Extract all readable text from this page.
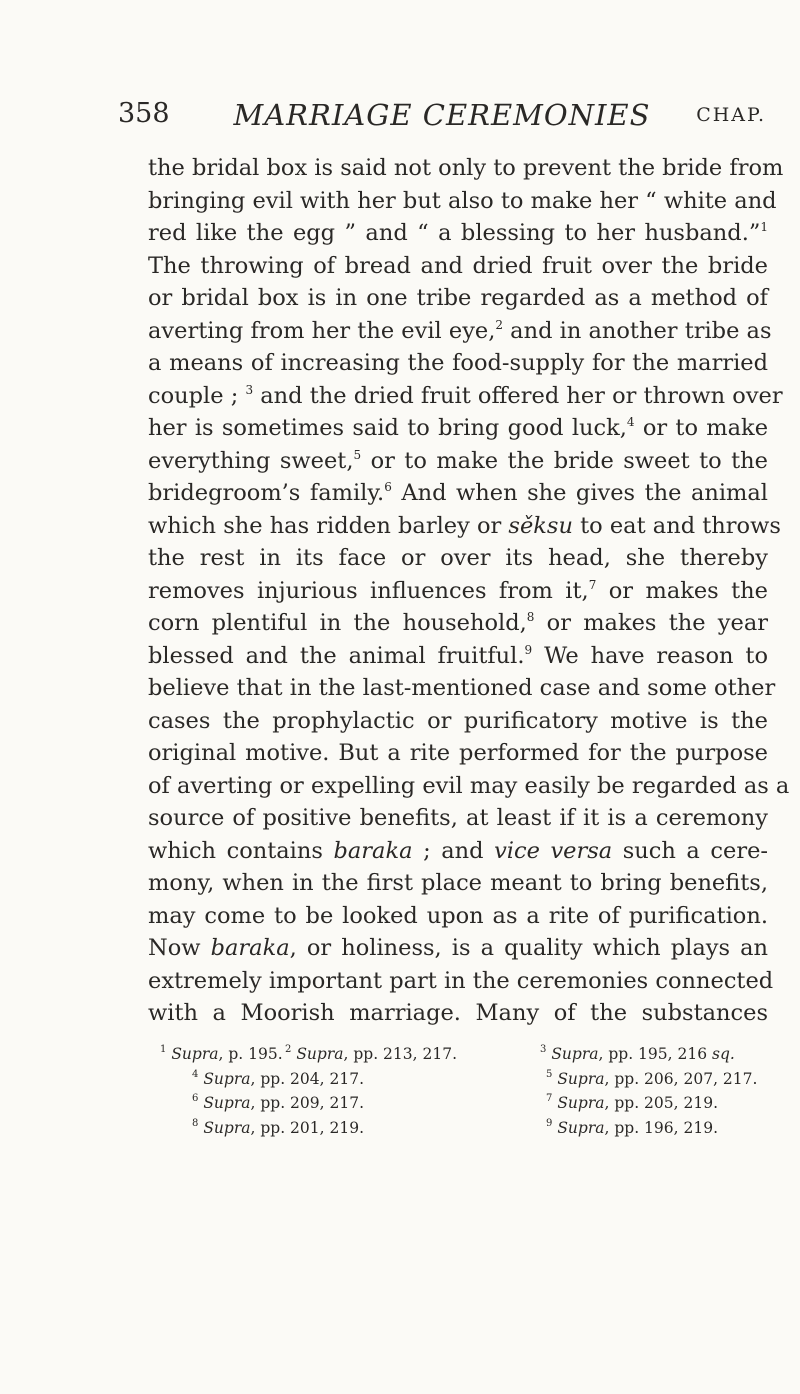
358	MARRIAGE CEREMONIES	CHAP.
the bridal box is said not only to prevent the bride from
bringing evil with her but also to make her “ white and
red like the egg ” and “ a blessing to her husband.”$^1$
The throwing of bread and dried fruit over the bride
or bridal box is in one tribe regarded as a method of
averting from her the evil eye,$^2$ and in another tribe as
a means of increasing the food-supply for the married
couple ; $^3$ and the dried fruit offered her or thrown over
her is sometimes said to bring good luck,$^4$ or to make
everything sweet,$^5$ or to make the bride sweet to the
bridegroom’s family.$^6$ And when she gives the animal
which she has ridden barley or sěksu to eat and throws
the rest in its face or over its head, she thereby
removes injurious influences from it,$^7$ or makes the
corn plentiful in the household,$^8$ or makes the year
blessed and the animal fruitful.$^9$ We have reason to
believe that in the last-mentioned case and some other
cases the prophylactic or purificatory motive is the
original motive. But a rite performed for the purpose
of averting or expelling evil may easily be regarded as a
source of positive benefits, at least if it is a ceremony
which contains baraka ; and vice versa such a cere-
mony, when in the first place meant to bring benefits,
may come to be looked upon as a rite of purification.
Now baraka, or holiness, is a quality which plays an
extremely important part in the ceremonies connected
with a Moorish marriage. Many of the substances
$^1$ Supra, p. 195. $^2$ Supra, pp. 213, 217.	$^3$ Supra, pp. 195, 216 sq.
$^4$ Supra, pp. 204, 217.	$^5$ Supra, pp. 206, 207, 217.
$^6$ Supra, pp. 209, 217.	$^7$ Supra, pp. 205, 219.
$^8$ Supra, pp. 201, 219.	$^9$ Supra, pp. 196, 219.
